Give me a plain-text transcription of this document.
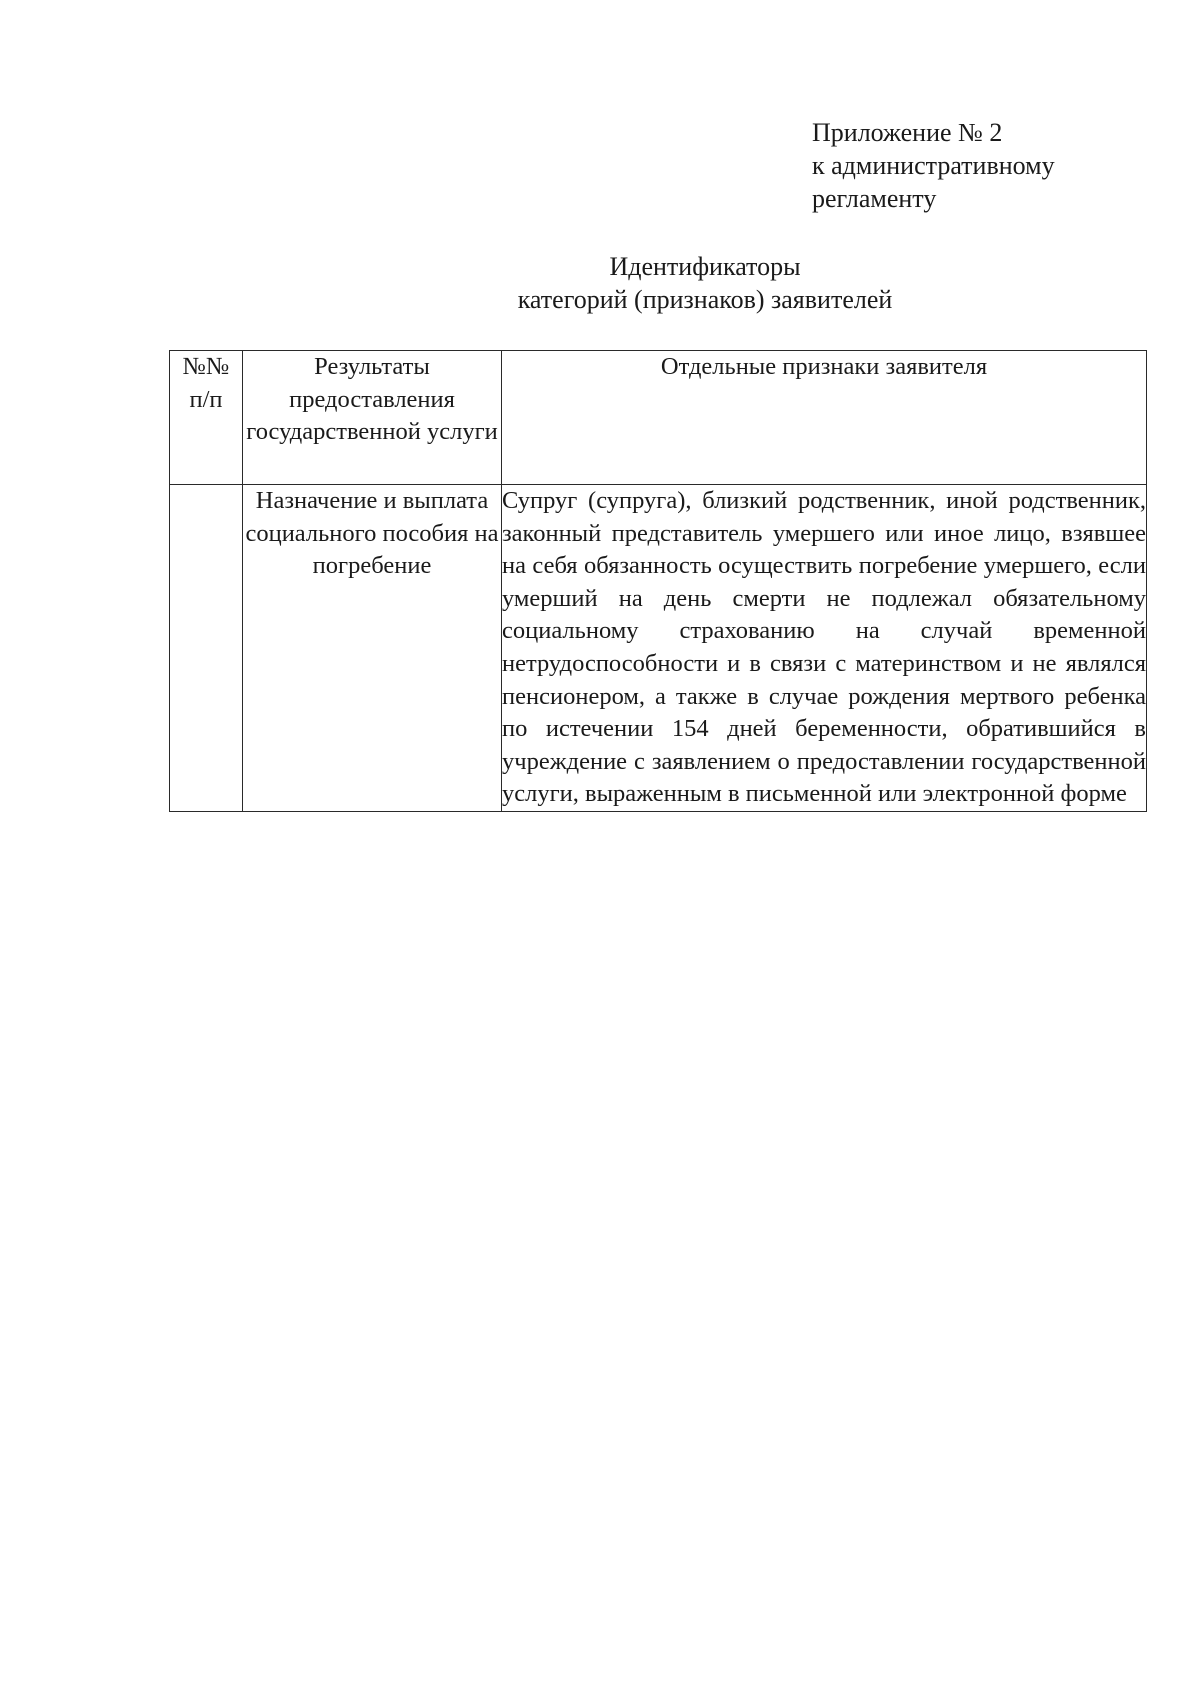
Приложение № 2
к административному
регламенту
Идентификаторы
категорий (признаков) заявителей
№№ п/п	Результаты предоставления государственной услуги	Отдельные признаки заявителя
	Назначение и выплата социального пособия на погребение	Супруг (супруга), близкий родственник, иной родственник, законный представитель умершего или иное лицо, взявшее на себя обязанность осуществить погребение умершего, если умерший на день смерти не подлежал обязательному социальному страхованию на случай временной нетрудоспособности и в связи с материнством и не являлся пенсионером, а также в случае рождения мертвого ребенка по истечении 154 дней беременности, обратившийся в учреждение с заявлением о предоставлении государственной услуги, выраженным в письменной или электронной форме
